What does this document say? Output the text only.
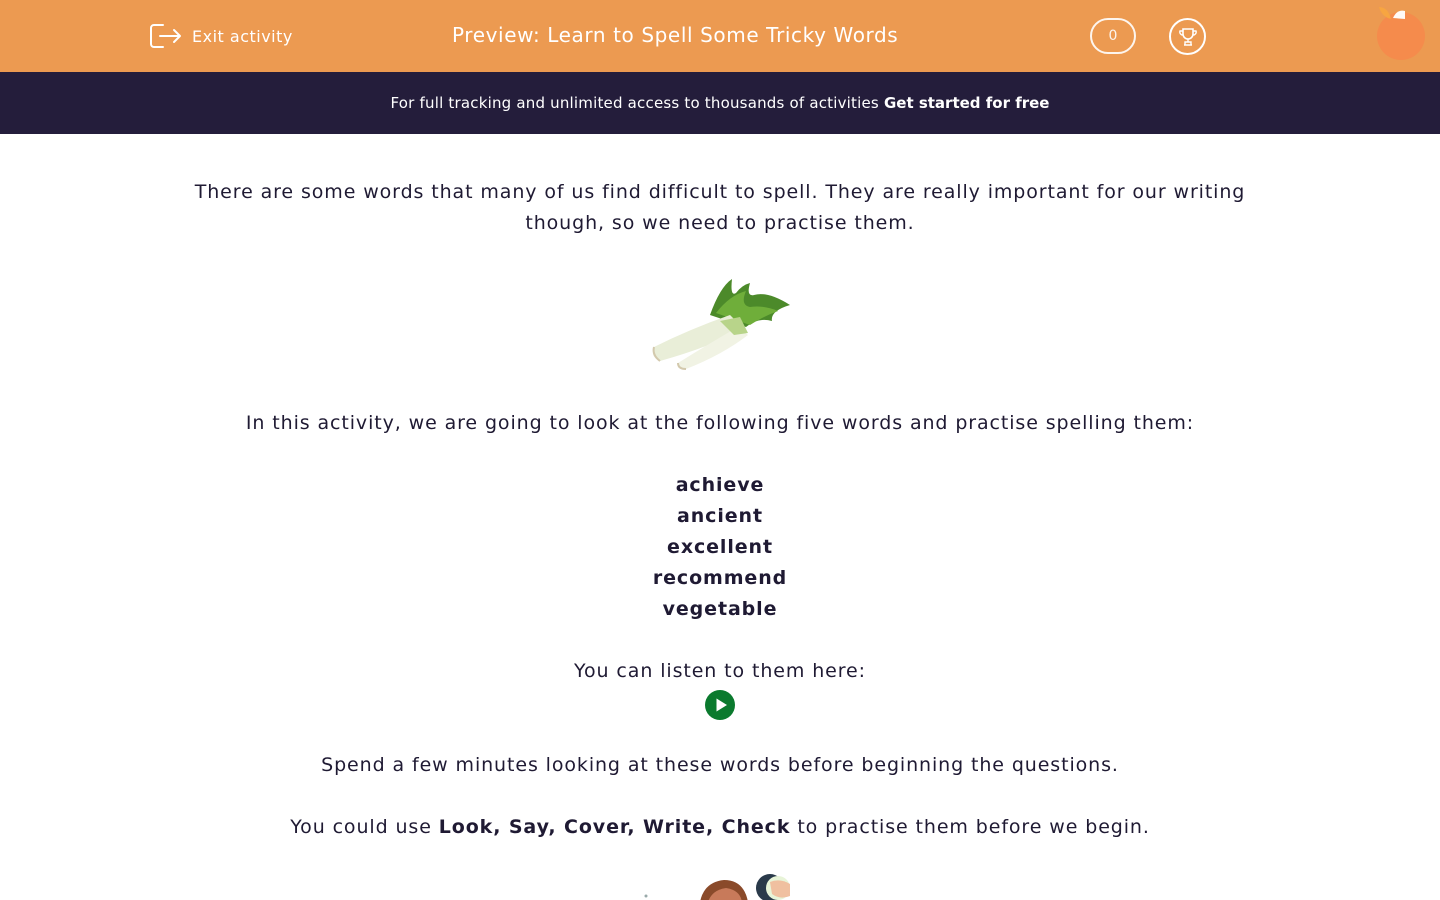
Exit activity	Preview: Learn to Spell Some Tricky Words	0
For full tracking and unlimited access to thousands of activities Get started for free
There are some words that many of us find difficult to spell. They are really important for our writing though, so we need to practise them.
In this activity, we are going to look at the following five words and practise spelling them:
achieve
ancient
excellent
recommend
vegetable
You can listen to them here:
Spend a few minutes looking at these words before beginning the questions.
You could use Look, Say, Cover, Write, Check to practise them before we begin.
